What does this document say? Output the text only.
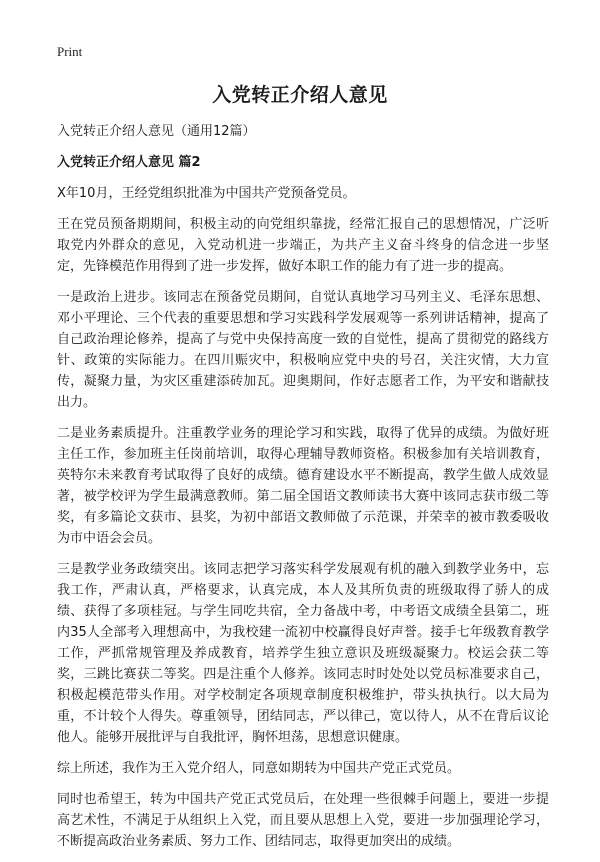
Print
入党转正介绍人意见
入党转正介绍人意见（通用12篇）
入党转正介绍人意见 篇2

X年10月，王经党组织批准为中国共产党预备党员。

王在党员预备期期间，积极主动的向党组织靠拢，经常汇报自己的思想情况，广泛听取党内外群众的意见，入党动机进一步端正，为共产主义奋斗终身的信念进一步坚定，先锋模范作用得到了进一步发挥，做好本职工作的能力有了进一步的提高。

一是政治上进步。该同志在预备党员期间，自觉认真地学习马列主义、毛泽东思想、邓小平理论、三个代表的重要思想和学习实践科学发展观等一系列讲话精神，提高了自己政治理论修养，提高了与党中央保持高度一致的自觉性，提高了贯彻党的路线方针、政策的实际能力。在四川赈灾中，积极响应党中央的号召，关注灾情，大力宣传，凝聚力量，为灾区重建添砖加瓦。迎奥期间，作好志愿者工作，为平安和谐献技出力。

二是业务素质提升。注重教学业务的理论学习和实践，取得了优异的成绩。为做好班主任工作，参加班主任岗前培训，取得心理辅导教师资格。积极参加有关培训教育，英特尔未来教育考试取得了良好的成绩。德育建设水平不断提高，教学生做人成效显著，被学校评为学生最满意教师。第二届全国语文教师读书大赛中该同志获市级二等奖，有多篇论文获市、县奖，为初中部语文教师做了示范课，并荣幸的被市教委吸收为市中语会会员。

三是教学业务政绩突出。该同志把学习落实科学发展观有机的融入到教学业务中，忘我工作，严肃认真，严格要求，认真完成，本人及其所负责的班级取得了骄人的成绩、获得了多项桂冠。与学生同吃共宿，全力备战中考，中考语文成绩全县第二，班内35人全部考入理想高中，为我校建一流初中校赢得良好声誉。接手七年级教育教学工作，严抓常规管理及养成教育，培养学生独立意识及班级凝聚力。校运会获二等奖，三跳比赛获二等奖。四是注重个人修养。该同志时时处处以党员标准要求自己，积极起模范带头作用。对学校制定各项规章制度积极维护，带头执执行。以大局为重，不计较个人得失。尊重领导，团结同志，严以律己，宽以待人，从不在背后议论他人。能够开展批评与自我批评，胸怀坦荡，思想意识健康。

综上所述，我作为王入党介绍人，同意如期转为中国共产党正式党员。

同时也希望王，转为中国共产党正式党员后，在处理一些很棘手问题上，要进一步提高艺术性，不满足于从组织上入党，而且要从思想上入党，要进一步加强理论学习，不断提高政治业务素质、努力工作、团结同志，取得更加突出的成绩。
